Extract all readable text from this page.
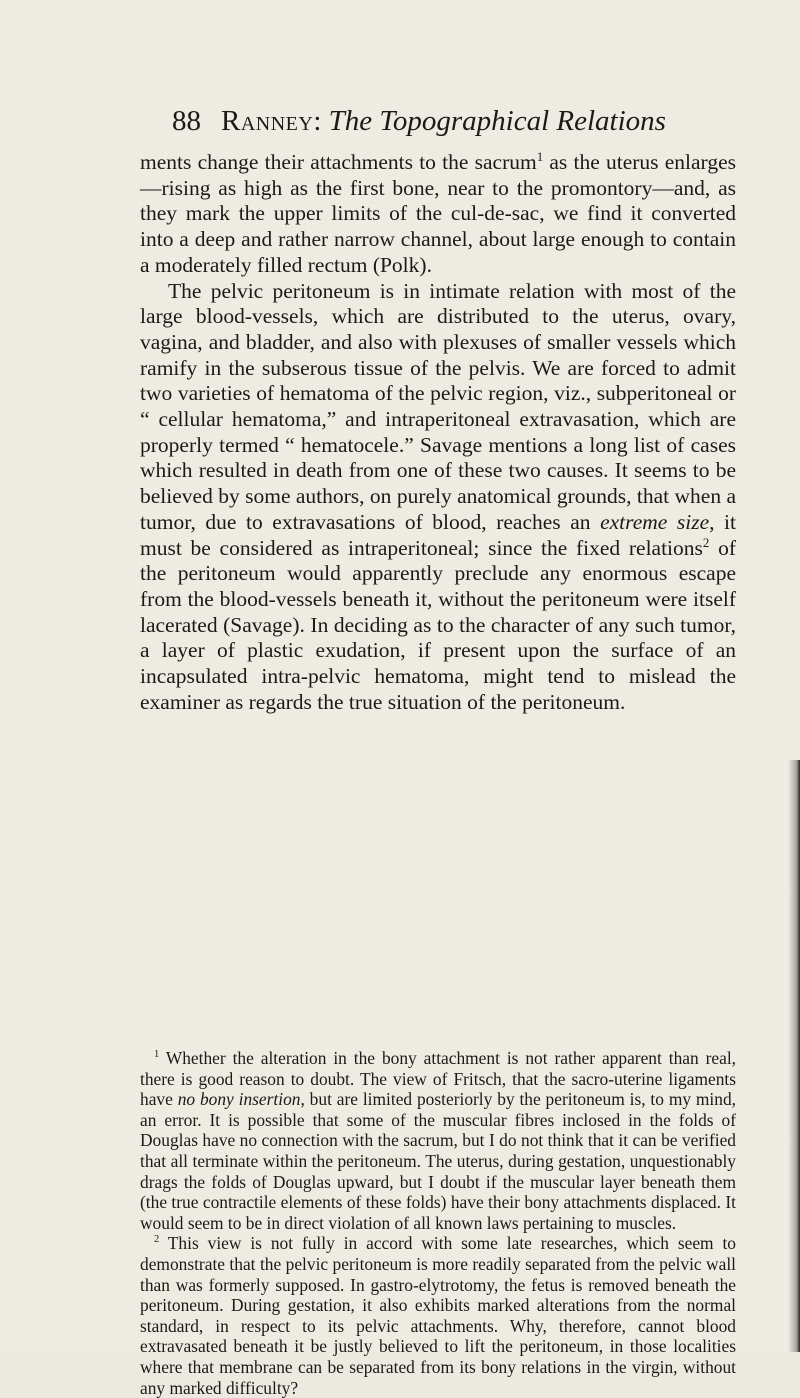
88 Ranney: The Topographical Relations

ments change their attachments to the sacrum$^1$ as the uterus enlarges—rising as high as the first bone, near to the promontory—and, as they mark the upper limits of the cul-de-sac, we find it converted into a deep and rather narrow channel, about large enough to contain a moderately filled rectum (Polk).

The pelvic peritoneum is in intimate relation with most of the large blood-vessels, which are distributed to the uterus, ovary, vagina, and bladder, and also with plexuses of smaller vessels which ramify in the subserous tissue of the pelvis. We are forced to admit two varieties of hematoma of the pelvic region, viz., subperitoneal or “ cellular hematoma,” and intraperitoneal extravasation, which are properly termed “ hematocele.” Savage mentions a long list of cases which resulted in death from one of these two causes. It seems to be believed by some authors, on purely anatomical grounds, that when a tumor, due to extravasations of blood, reaches an extreme size, it must be considered as intraperitoneal; since the fixed relations$^2$ of the peritoneum would apparently preclude any enormous escape from the blood-vessels beneath it, without the peritoneum were itself lacerated (Savage). In deciding as to the character of any such tumor, a layer of plastic exudation, if present upon the surface of an incapsulated intra-pelvic hematoma, might tend to mislead the examiner as regards the true situation of the peritoneum.

$^1$ Whether the alteration in the bony attachment is not rather apparent than real, there is good reason to doubt. The view of Fritsch, that the sacro-uterine ligaments have no bony insertion, but are limited posteriorly by the peritoneum is, to my mind, an error. It is possible that some of the muscular fibres inclosed in the folds of Douglas have no connection with the sacrum, but I do not think that it can be verified that all terminate within the peritoneum. The uterus, during gestation, unquestionably drags the folds of Douglas upward, but I doubt if the muscular layer beneath them (the true contractile elements of these folds) have their bony attachments displaced. It would seem to be in direct violation of all known laws pertaining to muscles.

$^2$ This view is not fully in accord with some late researches, which seem to demonstrate that the pelvic peritoneum is more readily separated from the pelvic wall than was formerly supposed. In gastro-elytrotomy, the fetus is removed beneath the peritoneum. During gestation, it also exhibits marked alterations from the normal standard, in respect to its pelvic attachments. Why, therefore, cannot blood extravasated beneath it be justly believed to lift the peritoneum, in those localities where that membrane can be separated from its bony relations in the virgin, without any marked difficulty?
